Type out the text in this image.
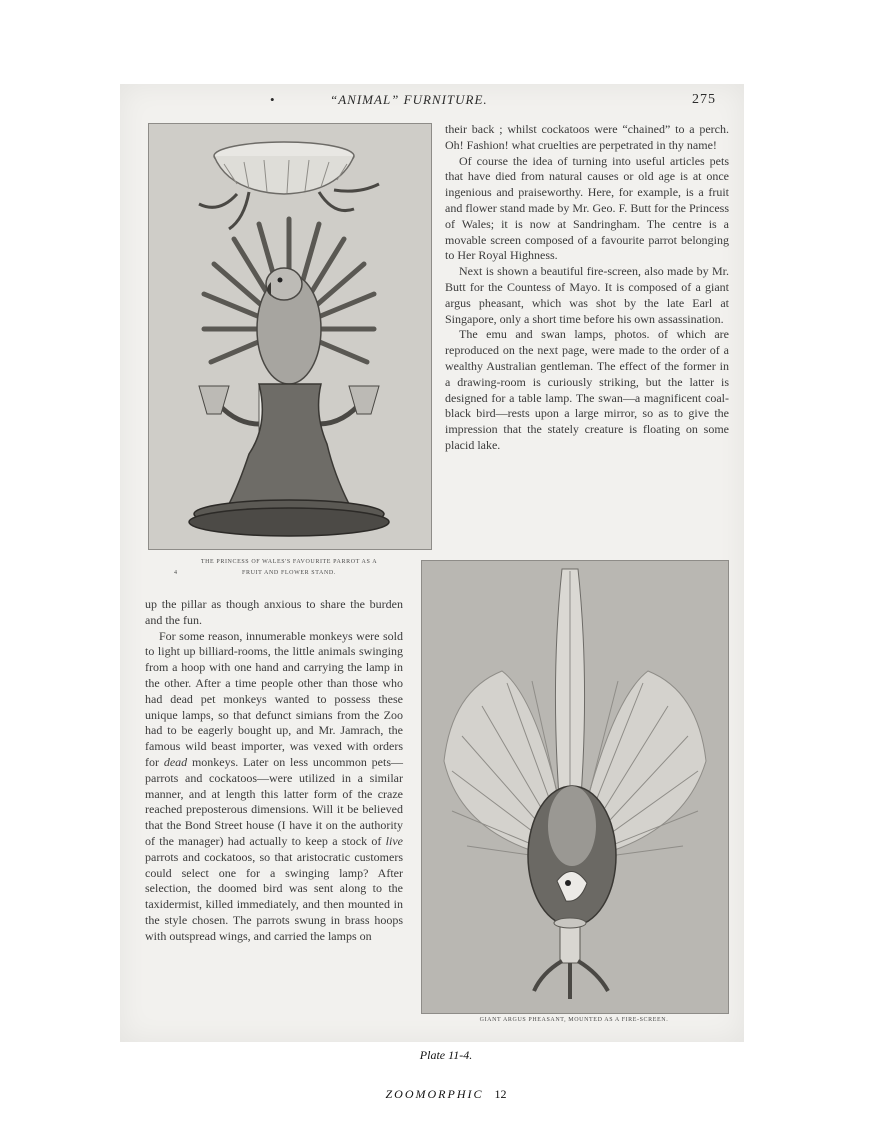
•	“ANIMAL” FURNITURE.	275
THE PRINCESS OF WALES'S FAVOURITE PARROT AS A
4	FRUIT AND FLOWER STAND.

their back ; whilst cockatoos were “chained” to a perch. Oh! Fashion! what cruelties are perpetrated in thy name!

Of course the idea of turning into useful articles pets that have died from natural causes or old age is at once ingenious and praiseworthy. Here, for example, is a fruit and flower stand made by Mr. Geo. F. Butt for the Princess of Wales; it is now at Sandringham. The centre is a movable screen composed of a favourite parrot belonging to Her Royal Highness.

Next is shown a beautiful fire-screen, also made by Mr. Butt for the Countess of Mayo. It is composed of a giant argus pheasant, which was shot by the late Earl at Singapore, only a short time before his own assassination.

The emu and swan lamps, photos. of which are reproduced on the next page, were made to the order of a wealthy Australian gentleman. The effect of the former in a drawing-room is curiously striking, but the latter is designed for a table lamp. The swan—a magnificent coal-black bird—rests upon a large mirror, so as to give the impression that the stately creature is floating on some placid lake.

up the pillar as though anxious to share the burden and the fun.

For some reason, innumerable monkeys were sold to light up billiard-rooms, the little animals swinging from a hoop with one hand and carrying the lamp in the other. After a time people other than those who had dead pet monkeys wanted to possess these unique lamps, so that defunct simians from the Zoo had to be eagerly bought up, and Mr. Jamrach, the famous wild beast importer, was vexed with orders for dead monkeys. Later on less uncommon pets—parrots and cockatoos—were utilized in a similar manner, and at length this latter form of the craze reached preposterous dimensions. Will it be believed that the Bond Street house (I have it on the authority of the manager) had actually to keep a stock of live parrots and cockatoos, so that aristocratic customers could select one for a swinging lamp? After selection, the doomed bird was sent along to the taxidermist, killed immediately, and then mounted in the style chosen. The parrots swung in brass hoops with outspread wings, and carried the lamps on

GIANT ARGUS PHEASANT, MOUNTED AS A FIRE-SCREEN.
Plate 11-4.
ZOOMORPHIC 12
